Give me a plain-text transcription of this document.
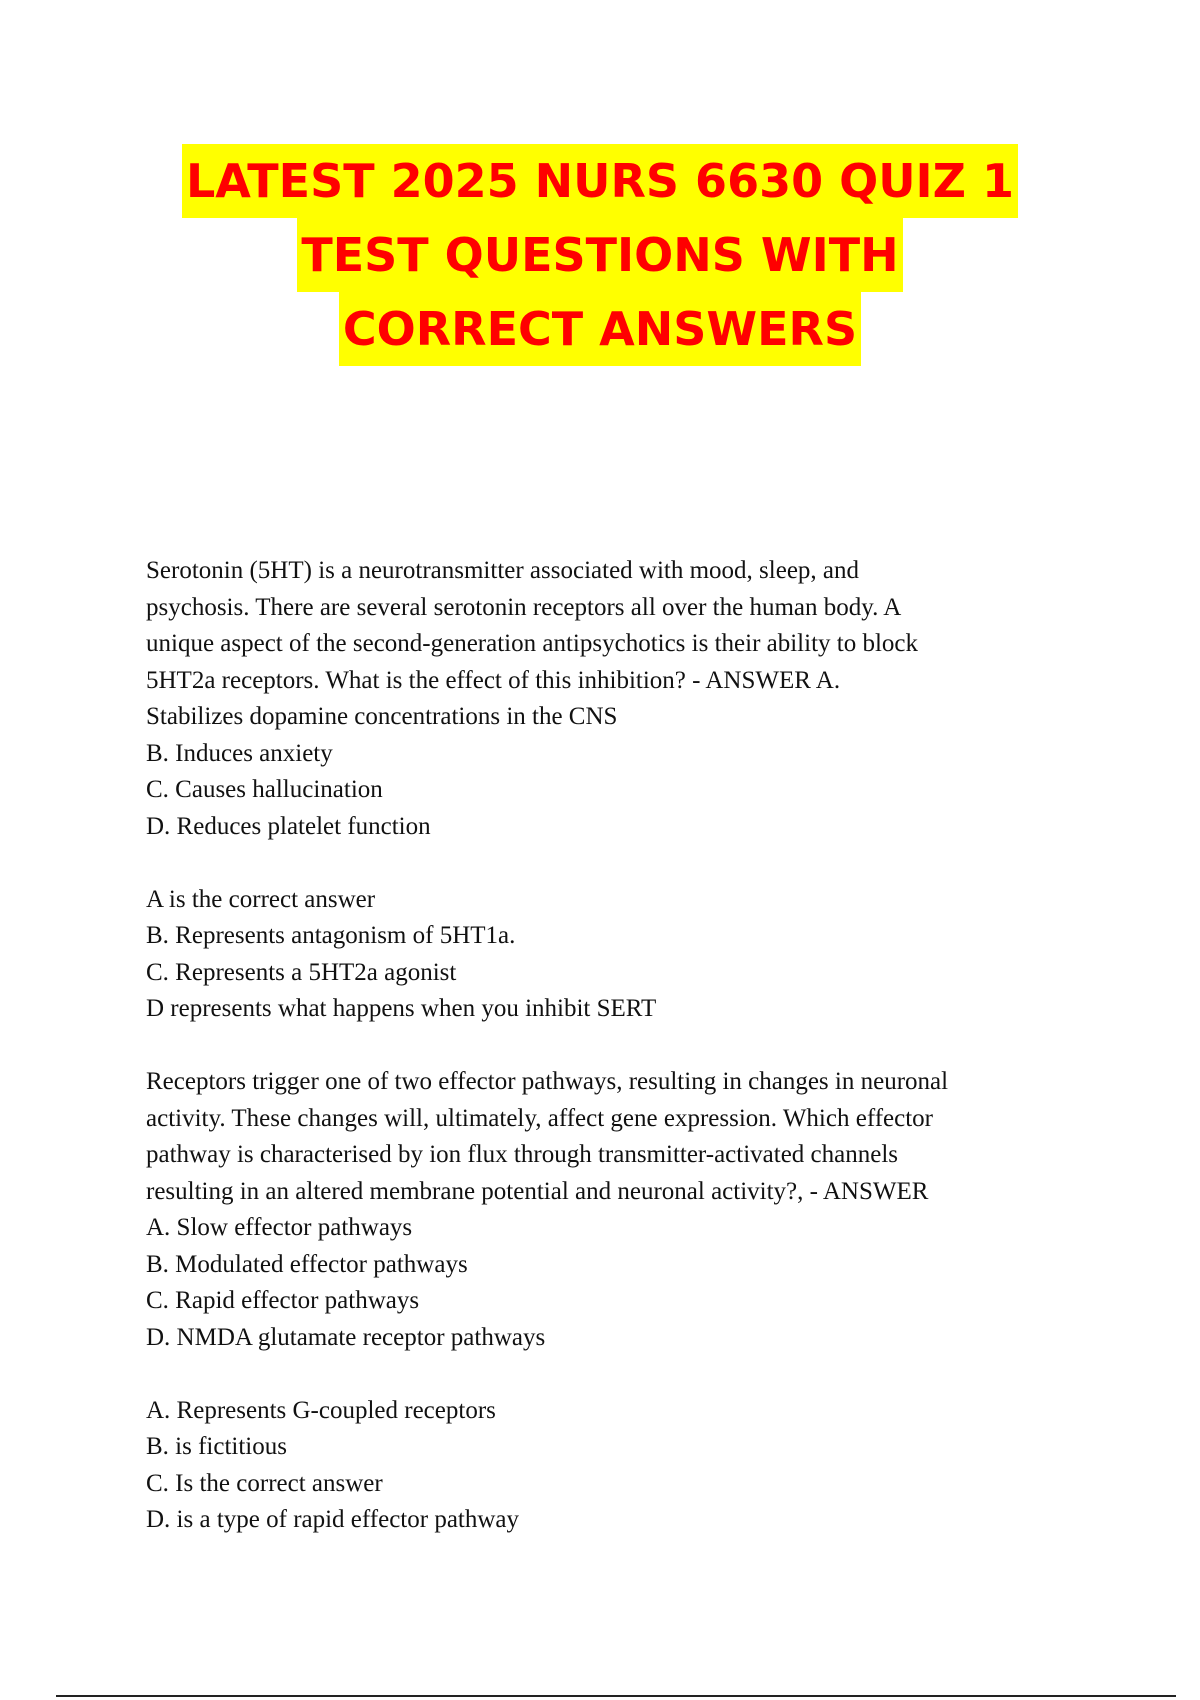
LATEST 2025 NURS 6630 QUIZ 1
TEST QUESTIONS WITH
CORRECT ANSWERS
Serotonin (5HT) is a neurotransmitter associated with mood, sleep, and
psychosis. There are several serotonin receptors all over the human body. A
unique aspect of the second-generation antipsychotics is their ability to block
5HT2a receptors. What is the effect of this inhibition? - ANSWER A.
Stabilizes dopamine concentrations in the CNS
B. Induces anxiety
C. Causes hallucination
D. Reduces platelet function
A is the correct answer
B. Represents antagonism of 5HT1a.
C. Represents a 5HT2a agonist
D represents what happens when you inhibit SERT
Receptors trigger one of two effector pathways, resulting in changes in neuronal
activity. These changes will, ultimately, affect gene expression. Which effector
pathway is characterised by ion flux through transmitter-activated channels
resulting in an altered membrane potential and neuronal activity?, - ANSWER
A. Slow effector pathways
B. Modulated effector pathways
C. Rapid effector pathways
D. NMDA glutamate receptor pathways
A. Represents G-coupled receptors
B. is fictitious
C. Is the correct answer
D. is a type of rapid effector pathway
